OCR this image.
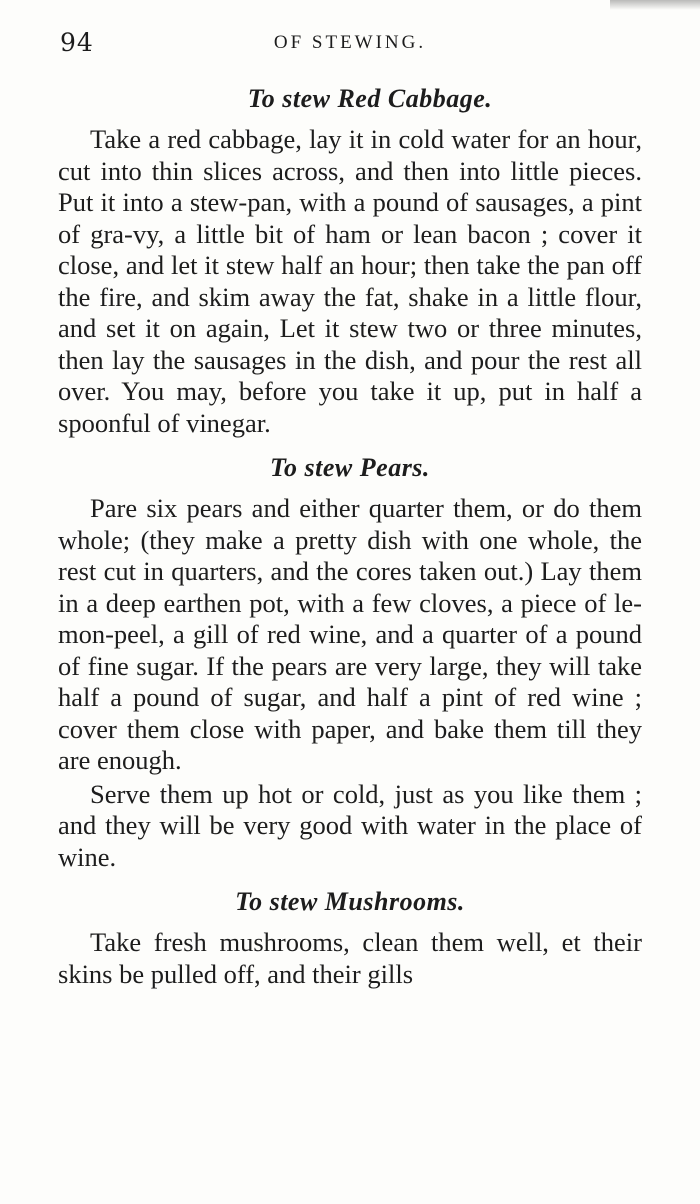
94	OF STEWING.
To stew Red Cabbage.

Take a red cabbage, lay it in cold water for an hour, cut into thin slices across, and then into little pieces. Put it into a stew-pan, with a pound of sausages, a pint of gra-vy, a little bit of ham or lean bacon ; cover it close, and let it stew half an hour; then take the pan off the fire, and skim away the fat, shake in a little flour, and set it on again, Let it stew two or three minutes, then lay the sausages in the dish, and pour the rest all over. You may, before you take it up, put in half a spoonful of vinegar.

To stew Pears.

Pare six pears and either quarter them, or do them whole; (they make a pretty dish with one whole, the rest cut in quarters, and the cores taken out.) Lay them in a deep earthen pot, with a few cloves, a piece of le-mon-peel, a gill of red wine, and a quarter of a pound of fine sugar. If the pears are very large, they will take half a pound of sugar, and half a pint of red wine ; cover them close with paper, and bake them till they are enough.

Serve them up hot or cold, just as you like them ; and they will be very good with water in the place of wine.

To stew Mushrooms.

Take fresh mushrooms, clean them well, et their skins be pulled off, and their gills
